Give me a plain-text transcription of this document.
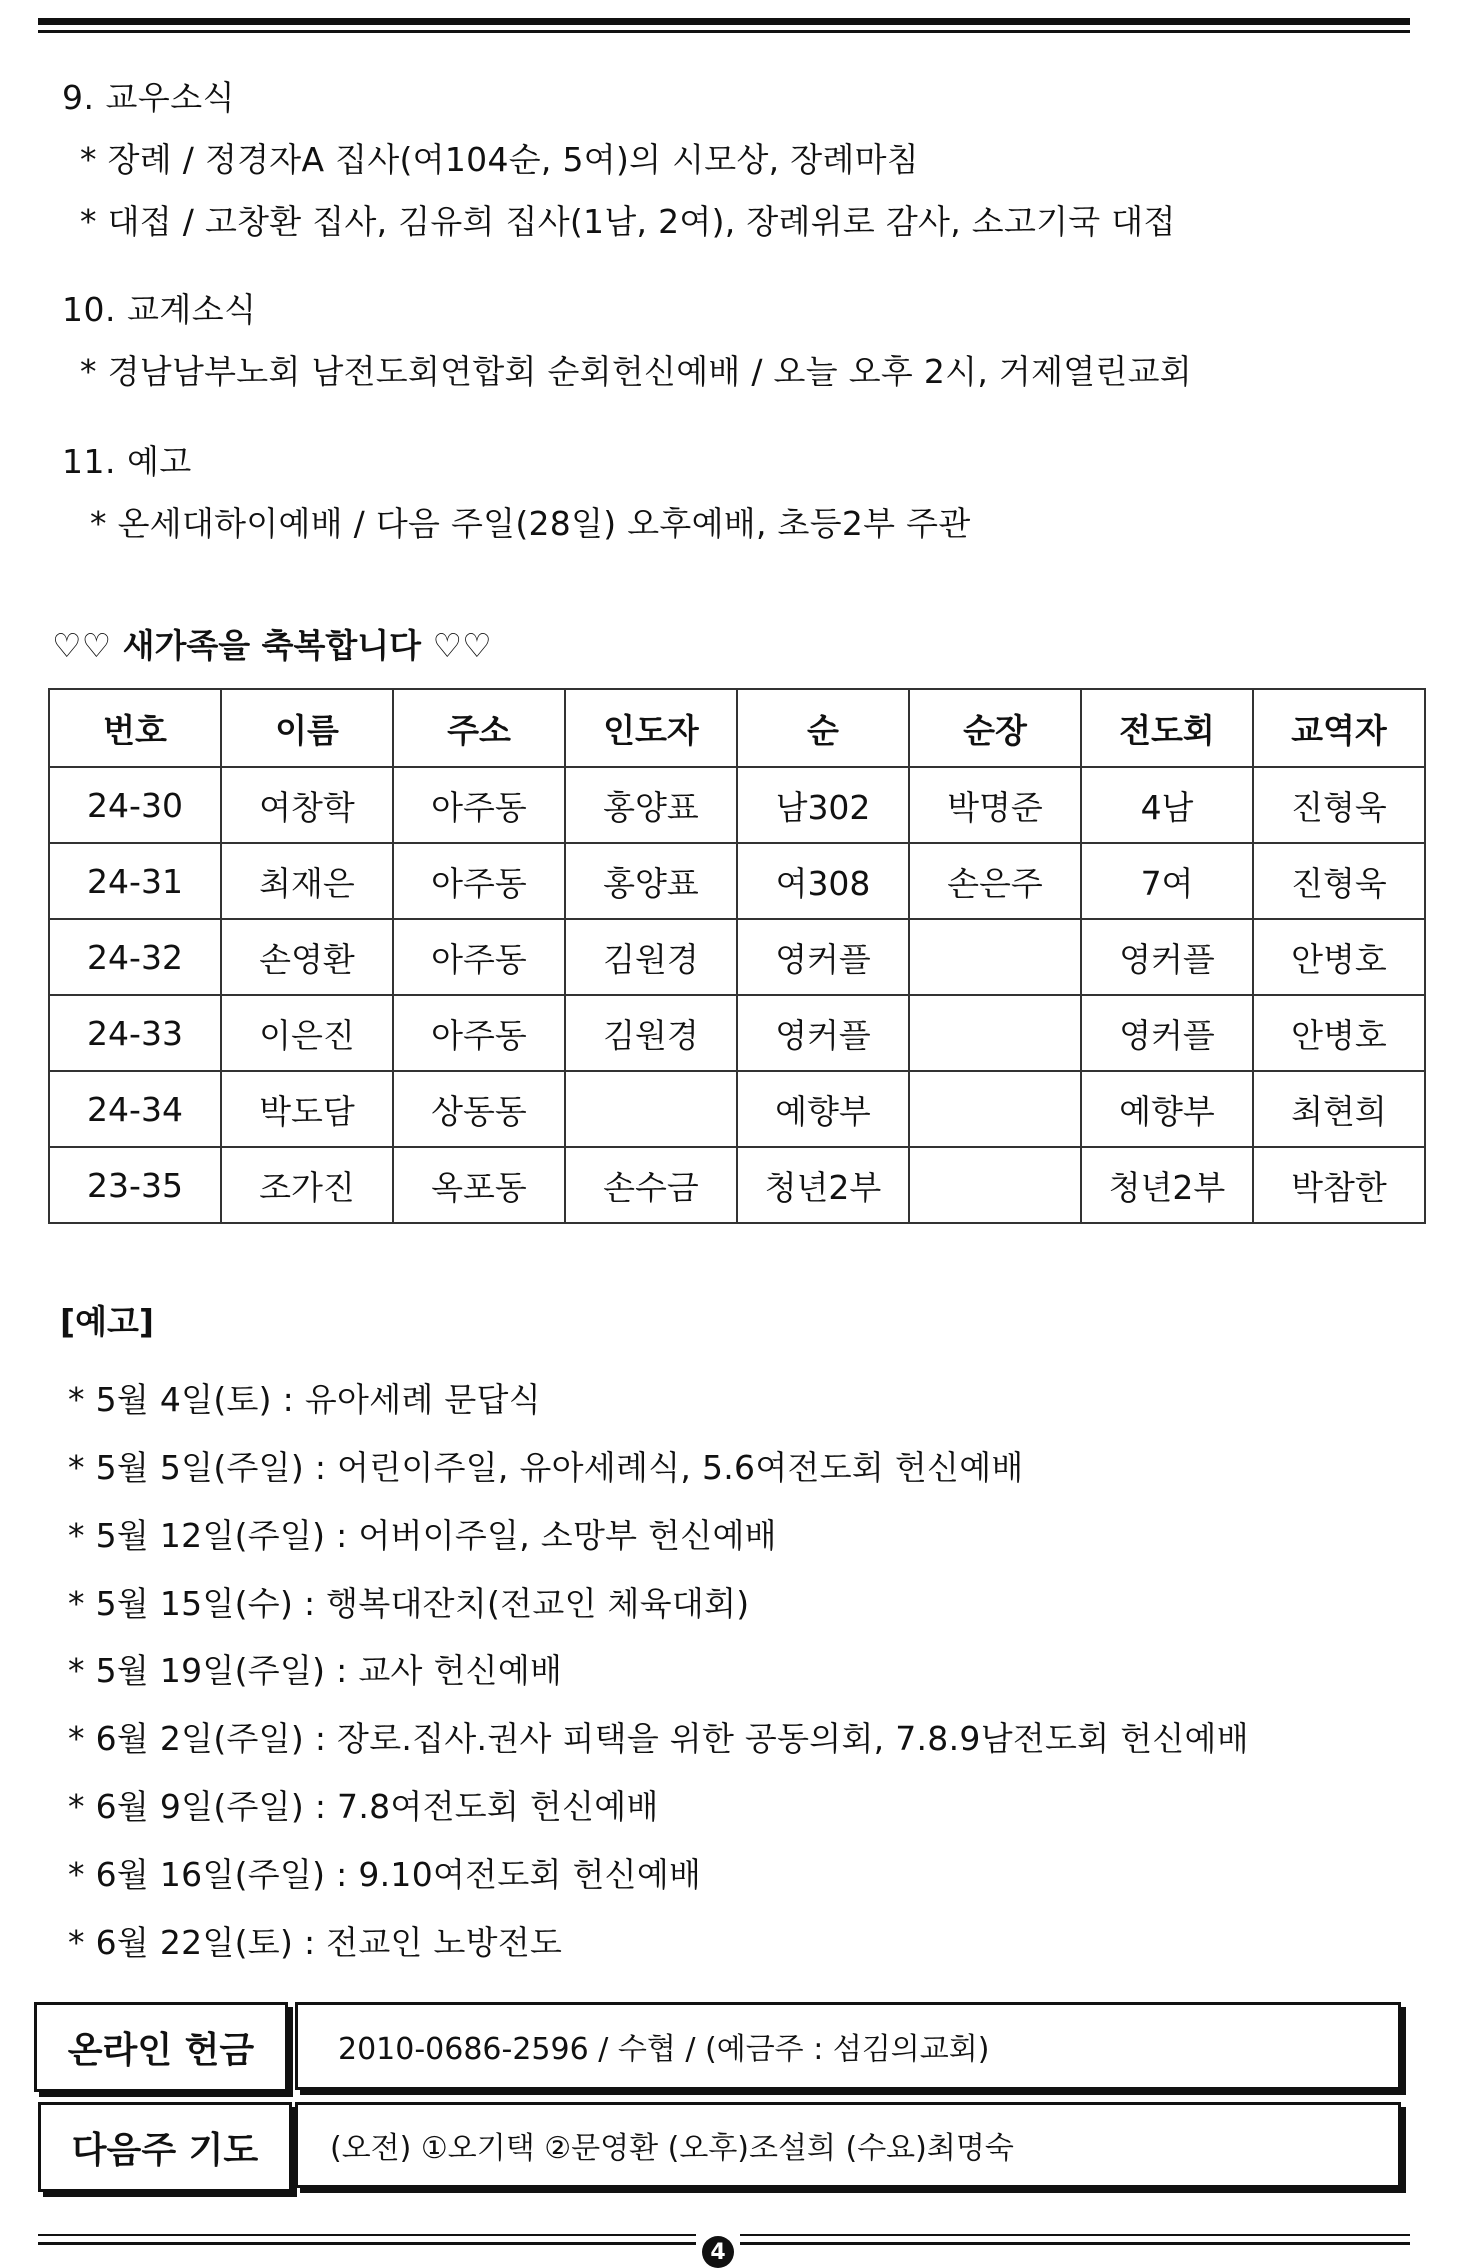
9. 교우소식
* 장례 / 정경자A 집사(여104순, 5여)의 시모상, 장례마침
* 대접 / 고창환 집사, 김유희 집사(1남, 2여), 장례위로 감사, 소고기국 대접
10. 교계소식
* 경남남부노회 남전도회연합회 순회헌신예배 / 오늘 오후 2시, 거제열린교회
11. 예고
* 온세대하이예배 / 다음 주일(28일) 오후예배, 초등2부 주관
♡♡ 새가족을 축복합니다 ♡♡
번호	이름	주소	인도자	순	순장	전도회	교역자
24-30	여창학	아주동	홍양표	남302	박명준	4남	진형욱
24-31	최재은	아주동	홍양표	여308	손은주	7여	진형욱
24-32	손영환	아주동	김원경	영커플		영커플	안병호
24-33	이은진	아주동	김원경	영커플		영커플	안병호
24-34	박도담	상동동		예향부		예향부	최현희
23-35	조가진	옥포동	손수금	청년2부		청년2부	박참한
[예고]
* 5월 4일(토) : 유아세례 문답식
* 5월 5일(주일) : 어린이주일, 유아세례식, 5.6여전도회 헌신예배
* 5월 12일(주일) : 어버이주일, 소망부 헌신예배
* 5월 15일(수) : 행복대잔치(전교인 체육대회)
* 5월 19일(주일) : 교사 헌신예배
* 6월 2일(주일) : 장로.집사.권사 피택을 위한 공동의회, 7.8.9남전도회 헌신예배
* 6월 9일(주일) : 7.8여전도회 헌신예배
* 6월 16일(주일) : 9.10여전도회 헌신예배
* 6월 22일(토) : 전교인 노방전도
온라인 헌금	2010-0686-2596 / 수협 / (예금주 : 섬김의교회)
다음주 기도	(오전) ①오기택 ②문영환 (오후)조설희 (수요)최명숙
4
